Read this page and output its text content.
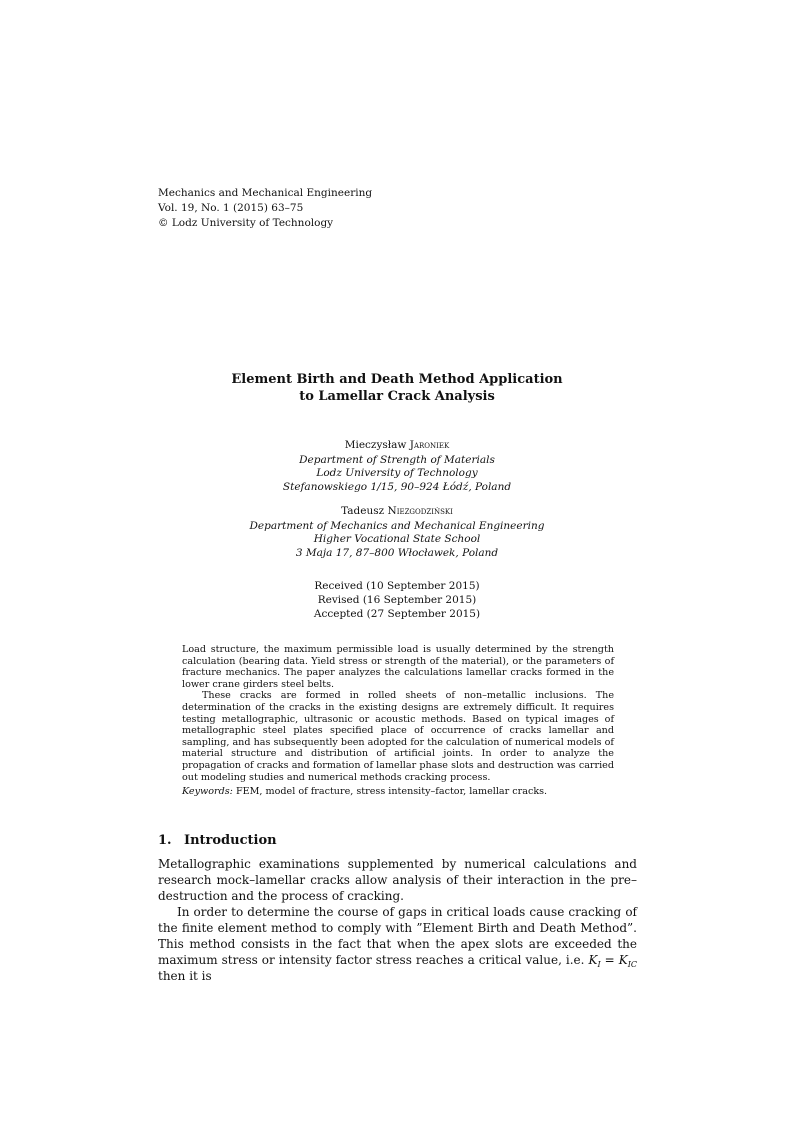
Mechanics and Mechanical Engineering
Vol. 19, No. 1 (2015) 63–75
© Lodz University of Technology
Element Birth and Death Method Application
to Lamellar Crack Analysis
Mieczysław Jaroniek
Department of Strength of Materials
Lodz University of Technology
Stefanowskiego 1/15, 90–924 Łódź, Poland
Tadeusz Niezgodziński
Department of Mechanics and Mechanical Engineering
Higher Vocational State School
3 Maja 17, 87–800 Włocławek, Poland
Received (10 September 2015)
Revised (16 September 2015)
Accepted (27 September 2015)

Load structure, the maximum permissible load is usually determined by the strength calculation (bearing data. Yield stress or strength of the material), or the parameters of fracture mechanics. The paper analyzes the calculations lamellar cracks formed in the lower crane girders steel belts.

These cracks are formed in rolled sheets of non–metallic inclusions. The determination of the cracks in the existing designs are extremely difficult. It requires testing metallographic, ultrasonic or acoustic methods. Based on typical images of metallographic steel plates specified place of occurrence of cracks lamellar and sampling, and has subsequently been adopted for the calculation of numerical models of material structure and distribution of artificial joints. In order to analyze the propagation of cracks and formation of lamellar phase slots and destruction was carried out modeling studies and numerical methods cracking process.

Keywords: FEM, model of fracture, stress intensity–factor, lamellar cracks.

1. Introduction

Metallographic examinations supplemented by numerical calculations and research mock–lamellar cracks allow analysis of their interaction in the pre–destruction and the process of cracking.

In order to determine the course of gaps in critical loads cause cracking of the finite element method to comply with ”Element Birth and Death Method”. This method consists in the fact that when the apex slots are exceeded the maximum stress or intensity factor stress reaches a critical value, i.e. $K_I = K_{IC}$ then it is
